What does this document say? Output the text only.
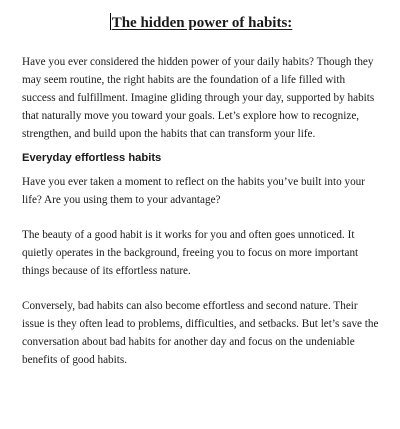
The hidden power of habits:

Have you ever considered the hidden power of your daily habits? Though they may seem routine, the right habits are the foundation of a life filled with success and fulfillment. Imagine gliding through your day, supported by habits that naturally move you toward your goals. Let’s explore how to recognize, strengthen, and build upon the habits that can transform your life.

Everyday effortless habits

Have you ever taken a moment to reflect on the habits you’ve built into your life? Are you using them to your advantage?

The beauty of a good habit is it works for you and often goes unnoticed. It quietly operates in the background, freeing you to focus on more important things because of its effortless nature.

Conversely, bad habits can also become effortless and second nature. Their issue is they often lead to problems, difficulties, and setbacks. But let’s save the conversation about bad habits for another day and focus on the undeniable benefits of good habits.
